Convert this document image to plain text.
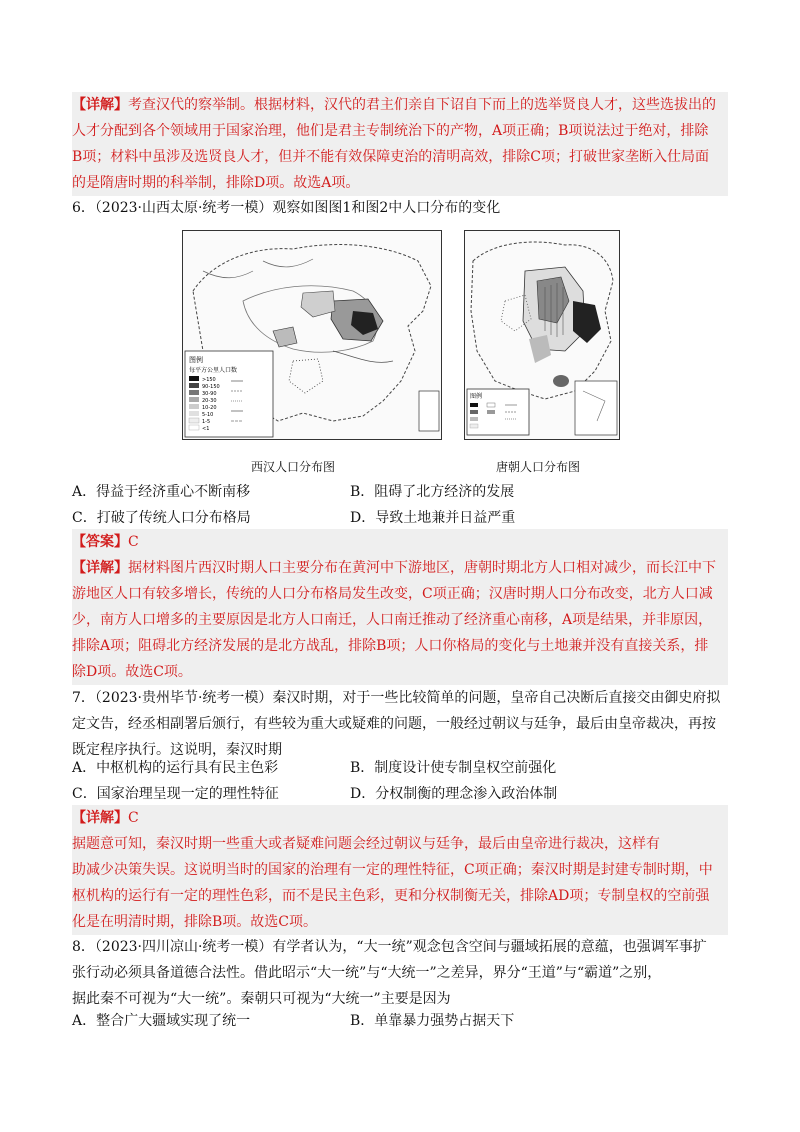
【详解】考查汉代的察举制。根据材料，汉代的君主们亲自下诏自下而上的选举贤良人才，这些选拔出的
人才分配到各个领域用于国家治理，他们是君主专制统治下的产物，A项正确；B项说法过于绝对，排除
B项；材料中虽涉及选贤良人才，但并不能有效保障吏治的清明高效，排除C项；打破世家垄断入仕局面
的是隋唐时期的科举制，排除D项。故选A项。
6．（2023·山西太原·统考一模）观察如图图1和图2中人口分布的变化
图例
每平方公里人口数
>150
90-150
30-90
20-30
10-20
5-10
1-5
<1
西汉人口分布图
图例
唐朝人口分布图
A．得益于经济重心不断南移	B．阻碍了北方经济的发展
C．打破了传统人口分布格局	D．导致土地兼并日益严重
【答案】C
【详解】据材料图片西汉时期人口主要分布在黄河中下游地区，唐朝时期北方人口相对减少，而长江中下
游地区人口有较多增长，传统的人口分布格局发生改变，C项正确；汉唐时期人口分布改变，北方人口减
少，南方人口增多的主要原因是北方人口南迁，人口南迁推动了经济重心南移，A项是结果，并非原因，
排除A项；阻碍北方经济发展的是北方战乱，排除B项；人口你格局的变化与土地兼并没有直接关系，排
除D项。故选C项。
7．（2023·贵州毕节·统考一模）秦汉时期，对于一些比较简单的问题，皇帝自己决断后直接交由御史府拟
定文告，经丞相副署后颁行，有些较为重大或疑难的问题，一般经过朝议与廷争，最后由皇帝裁决，再按
既定程序执行。这说明，秦汉时期
A．中枢机构的运行具有民主色彩	B．制度设计使专制皇权空前强化
C．国家治理呈现一定的理性特征	D．分权制衡的理念渗入政治体制
【详解】C
据题意可知，秦汉时期一些重大或者疑难问题会经过朝议与廷争，最后由皇帝进行裁决，这样有
助减少决策失误。这说明当时的国家的治理有一定的理性特征，C项正确；秦汉时期是封建专制时期，中
枢机构的运行有一定的理性色彩，而不是民主色彩，更和分权制衡无关，排除AD项；专制皇权的空前强
化是在明清时期，排除B项。故选C项。
8．（2023·四川凉山·统考一模）有学者认为，“大一统”观念包含空间与疆域拓展的意蕴，也强调军事扩
张行动必须具备道德合法性。借此昭示“大一统”与“大统一”之差异，界分“王道”与“霸道”之别，
据此秦不可视为“大一统”。秦朝只可视为“大统一”主要是因为
A．整合广大疆域实现了统一	B．单靠暴力强势占据天下
